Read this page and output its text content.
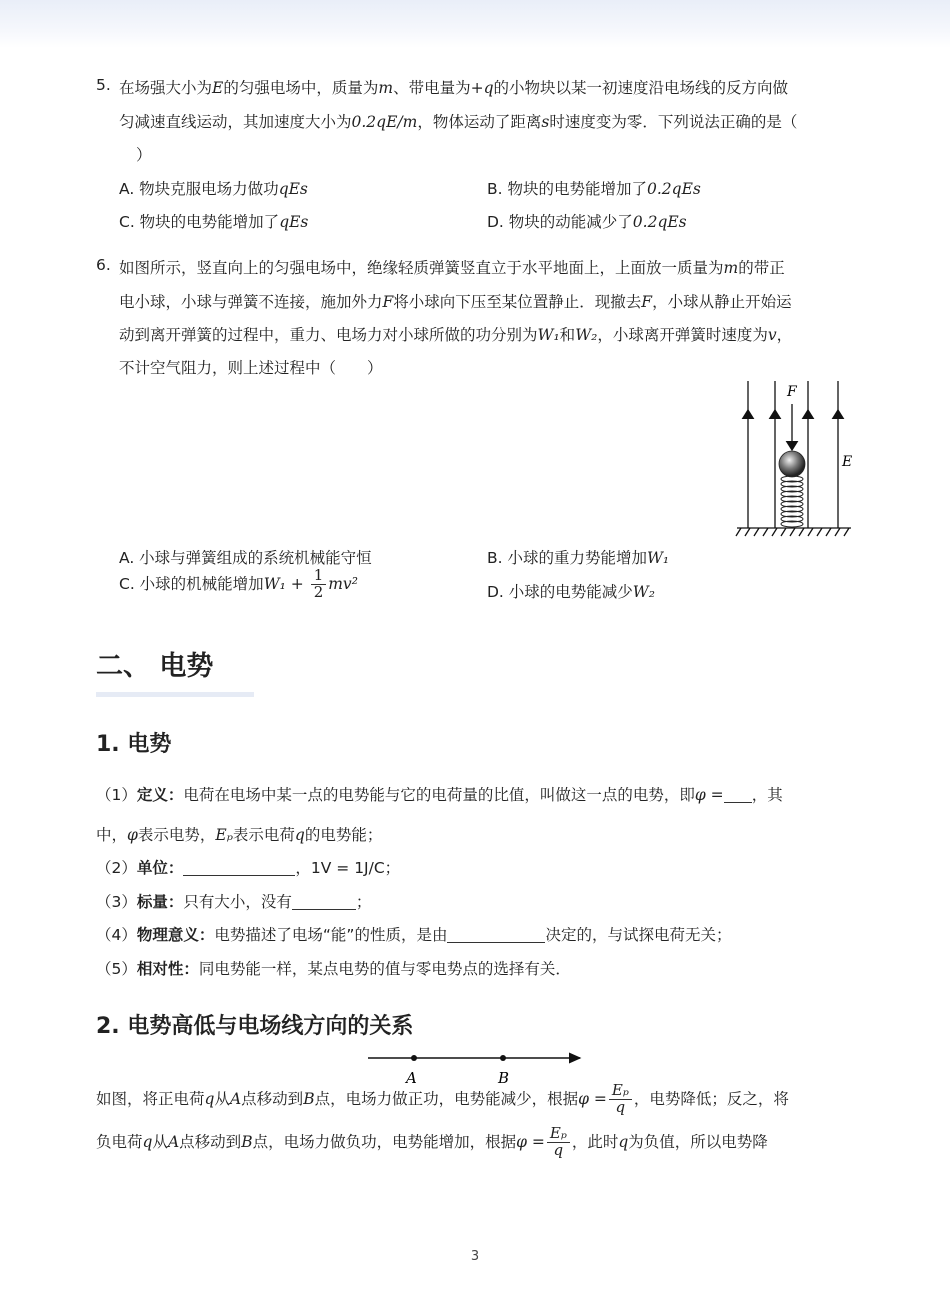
5. 在场强大小为E的匀强电场中，质量为m、带电量为+q的小物块以某一初速度沿电场线的反方向做
匀减速直线运动，其加速度大小为0.2qE/m，物体运动了距离s时速度变为零．下列说法正确的是（
）
A. 物块克服电场力做功qEs	B. 物块的电势能增加了0.2qEs
C. 物块的电势能增加了qEs	D. 物块的动能减少了0.2qEs
6. 如图所示，竖直向上的匀强电场中，绝缘轻质弹簧竖直立于水平地面上，上面放一质量为m的带正
电小球，小球与弹簧不连接，施加外力F将小球向下压至某位置静止．现撤去F，小球从静止开始运
动到离开弹簧的过程中，重力、电场力对小球所做的功分别为W₁和W₂，小球离开弹簧时速度为v，
不计空气阻力，则上述过程中（　　）
F
E
A. 小球与弹簧组成的系统机械能守恒	B. 小球的重力势能增加W₁
C. 小球的机械能增加$W_1 + \frac{1}{2} mv^2$	D. 小球的电势能减少W₂
二、 电势
1. 电势
（1）定义：电荷在电场中某一点的电势能与它的电荷量的比值，叫做这一点的电势，即φ = ，其
中，φ表示电势，Eₚ表示电荷q的电势能；
（2）单位：	，1V = 1J/C；
（3）标量：只有大小，没有	；
（4）物理意义：电势描述了电场“能”的性质，是由	决定的，与试探电荷无关；
（5）相对性：同电势能一样，某点电势的值与零电势点的选择有关．
2. 电势高低与电场线方向的关系
A	B
如图，将正电荷q从A点移动到B点，电场力做正功，电势能减少，根据$\varphi = \frac{\text{Eₚ}}{q}$ ，电势降低；反之，将
负电荷q从A点移动到B点，电场力做负功，电势能增加，根据$\varphi = \frac{\text{Eₚ}}{q}$ ，此时q为负值，所以电势降
3
